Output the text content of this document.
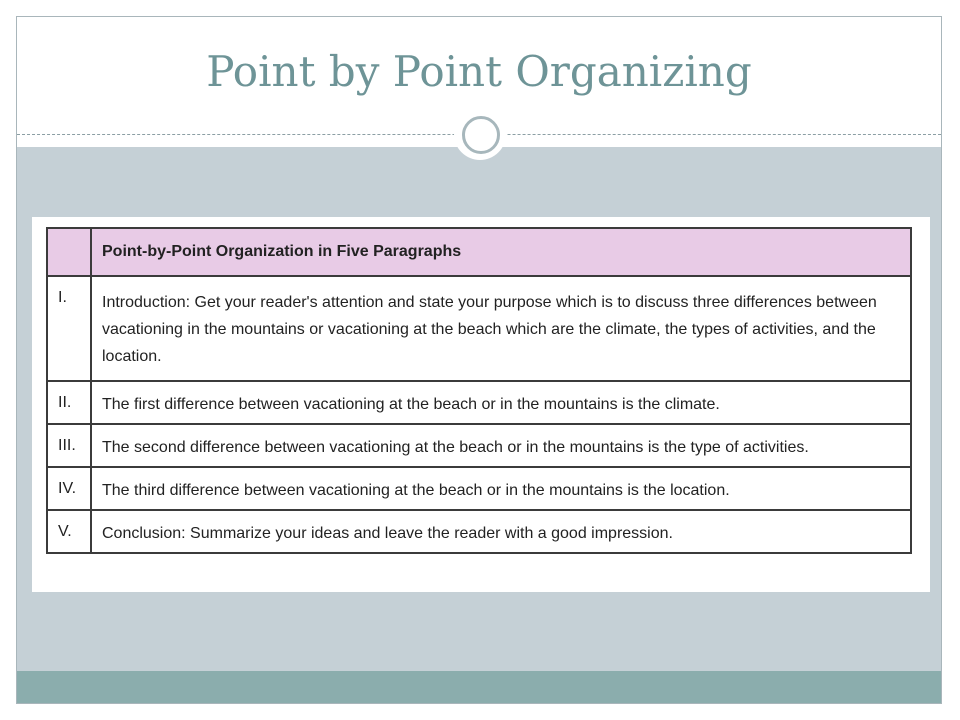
Point by Point Organizing
	Point-by-Point Organization in Five Paragraphs
I.	Introduction: Get your reader's attention and state your purpose which is to discuss three differences between vacationing in the mountains or vacationing at the beach which are the climate, the types of activities, and the location.
II.	The first difference between vacationing at the beach or in the mountains is the climate.
III.	The second difference between vacationing at the beach or in the mountains is the type of activities.
IV.	The third difference between vacationing at the beach or in the mountains is the location.
V.	Conclusion: Summarize your ideas and leave the reader with a good impression.
